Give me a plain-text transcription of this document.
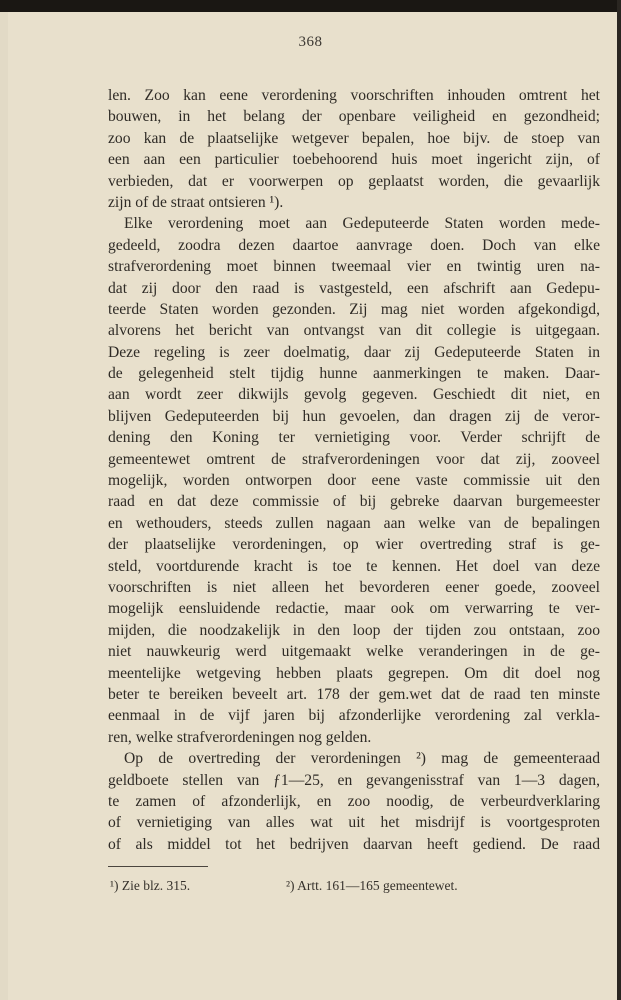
368
len. Zoo kan eene verordening voorschriften inhouden omtrent het
bouwen, in het belang der openbare veiligheid en gezondheid;
zoo kan de plaatselijke wetgever bepalen, hoe bijv. de stoep van
een aan een particulier toebehoorend huis moet ingericht zijn, of
verbieden, dat er voorwerpen op geplaatst worden, die gevaarlijk
zijn of de straat ontsieren ¹).
Elke verordening moet aan Gedeputeerde Staten worden mede-
gedeeld, zoodra dezen daartoe aanvrage doen. Doch van elke
strafverordening moet binnen tweemaal vier en twintig uren na-
dat zij door den raad is vastgesteld, een afschrift aan Gedepu-
teerde Staten worden gezonden. Zij mag niet worden afgekondigd,
alvorens het bericht van ontvangst van dit collegie is uitgegaan.
Deze regeling is zeer doelmatig, daar zij Gedeputeerde Staten in
de gelegenheid stelt tijdig hunne aanmerkingen te maken. Daar-
aan wordt zeer dikwijls gevolg gegeven. Geschiedt dit niet, en
blijven Gedeputeerden bij hun gevoelen, dan dragen zij de veror-
dening den Koning ter vernietiging voor. Verder schrijft de
gemeentewet omtrent de strafverordeningen voor dat zij, zooveel
mogelijk, worden ontworpen door eene vaste commissie uit den
raad en dat deze commissie of bij gebreke daarvan burgemeester
en wethouders, steeds zullen nagaan aan welke van de bepalingen
der plaatselijke verordeningen, op wier overtreding straf is ge-
steld, voortdurende kracht is toe te kennen. Het doel van deze
voorschriften is niet alleen het bevorderen eener goede, zooveel
mogelijk eensluidende redactie, maar ook om verwarring te ver-
mijden, die noodzakelijk in den loop der tijden zou ontstaan, zoo
niet nauwkeurig werd uitgemaakt welke veranderingen in de ge-
meentelijke wetgeving hebben plaats gegrepen. Om dit doel nog
beter te bereiken beveelt art. 178 der gem.wet dat de raad ten minste
eenmaal in de vijf jaren bij afzonderlijke verordening zal verkla-
ren, welke strafverordeningen nog gelden.
Op de overtreding der verordeningen ²) mag de gemeenteraad
geldboete stellen van ƒ1—25, en gevangenisstraf van 1—3 dagen,
te zamen of afzonderlijk, en zoo noodig, de verbeurdverklaring
of vernietiging van alles wat uit het misdrijf is voortgesproten
of als middel tot het bedrijven daarvan heeft gediend. De raad
¹) Zie blz. 315.	²) Artt. 161—165 gemeentewet.
